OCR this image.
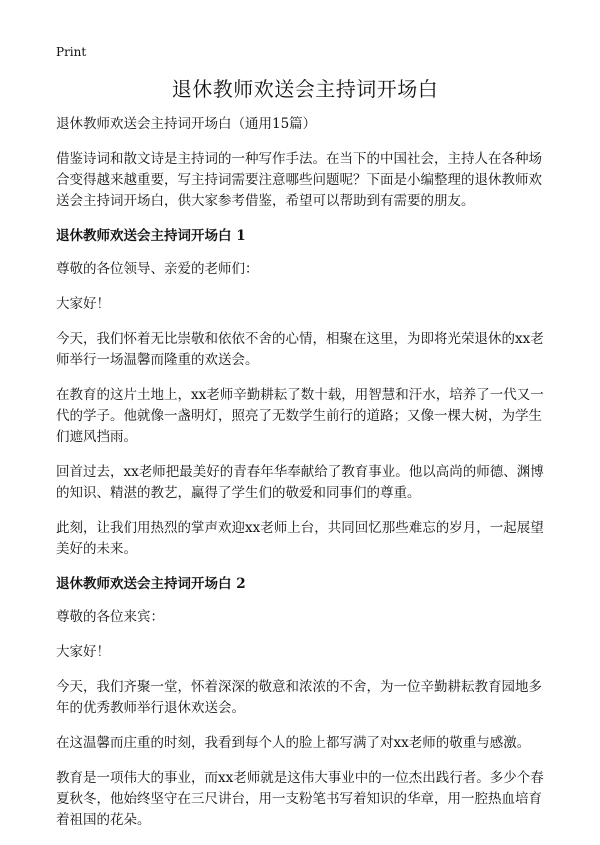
Print
退休教师欢送会主持词开场白

退休教师欢送会主持词开场白（通用15篇）

借鉴诗词和散文诗是主持词的一种写作手法。在当下的中国社会，主持人在各种场合变得越来越重要，写主持词需要注意哪些问题呢？下面是小编整理的退休教师欢送会主持词开场白，供大家参考借鉴，希望可以帮助到有需要的朋友。

退休教师欢送会主持词开场白 1

尊敬的各位领导、亲爱的老师们：

大家好！

今天，我们怀着无比崇敬和依依不舍的心情，相聚在这里，为即将光荣退休的xx老师举行一场温馨而隆重的欢送会。

在教育的这片土地上，xx老师辛勤耕耘了数十载，用智慧和汗水，培养了一代又一代的学子。他就像一盏明灯，照亮了无数学生前行的道路；又像一棵大树，为学生们遮风挡雨。

回首过去，xx老师把最美好的青春年华奉献给了教育事业。他以高尚的师德、渊博的知识、精湛的教艺，赢得了学生们的敬爱和同事们的尊重。

此刻，让我们用热烈的掌声欢迎xx老师上台，共同回忆那些难忘的岁月，一起展望美好的未来。

退休教师欢送会主持词开场白 2

尊敬的各位来宾：

大家好！

今天，我们齐聚一堂，怀着深深的敬意和浓浓的不舍，为一位辛勤耕耘教育园地多年的优秀教师举行退休欢送会。

在这温馨而庄重的时刻，我看到每个人的脸上都写满了对xx老师的敬重与感激。

教育是一项伟大的事业，而xx老师就是这伟大事业中的一位杰出践行者。多少个春夏秋冬，他始终坚守在三尺讲台，用一支粉笔书写着知识的华章，用一腔热血培育着祖国的花朵。
